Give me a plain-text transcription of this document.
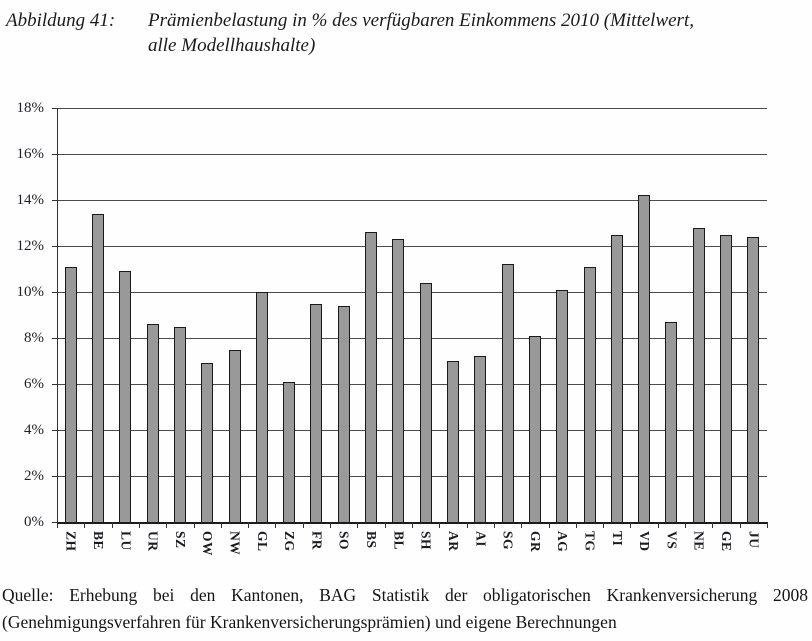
Abbildung 41: Prämienbelastung in % des verfügbaren Einkommens 2010 (Mittelwert,
alle Modellhaushalte)
0%
2%
4%
6%
8%
10%
12%
14%
16%
18%
ZH BE LU UR SZ OW NW GL ZG FR SO BS BL SH AR AI SG GR AG TG TI VD VS NE GE JU
Quelle: Erhebung bei den Kantonen, BAG Statistik der obligatorischen Krankenversicherung 2008
(Genehmigungsverfahren für Krankenversicherungsprämien) und eigene Berechnungen
